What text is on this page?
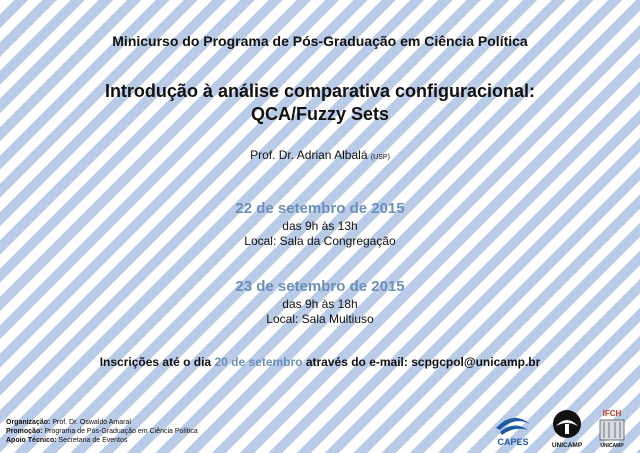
Minicurso do Programa de Pós-Graduação em Ciência Política
Introdução à análise comparativa configuracional:
QCA/Fuzzy Sets
Prof. Dr. Adrian Albalá (USP)
22 de setembro de 2015
das 9h às 13h
Local: Sala da Congregação
23 de setembro de 2015
das 9h às 18h
Local: Sala Multiuso
Inscrições até o dia 20 de setembro através do e-mail: scpgcpol@unicamp.br
Organização: Prof. Dr. Oswaldo Amaral
Promoção: Programa de Pós-Graduação em Ciência Política
Apoio Técnico: Secretaria de Eventos	CAPES	UNICAMP
IFCH
UNICAMP
